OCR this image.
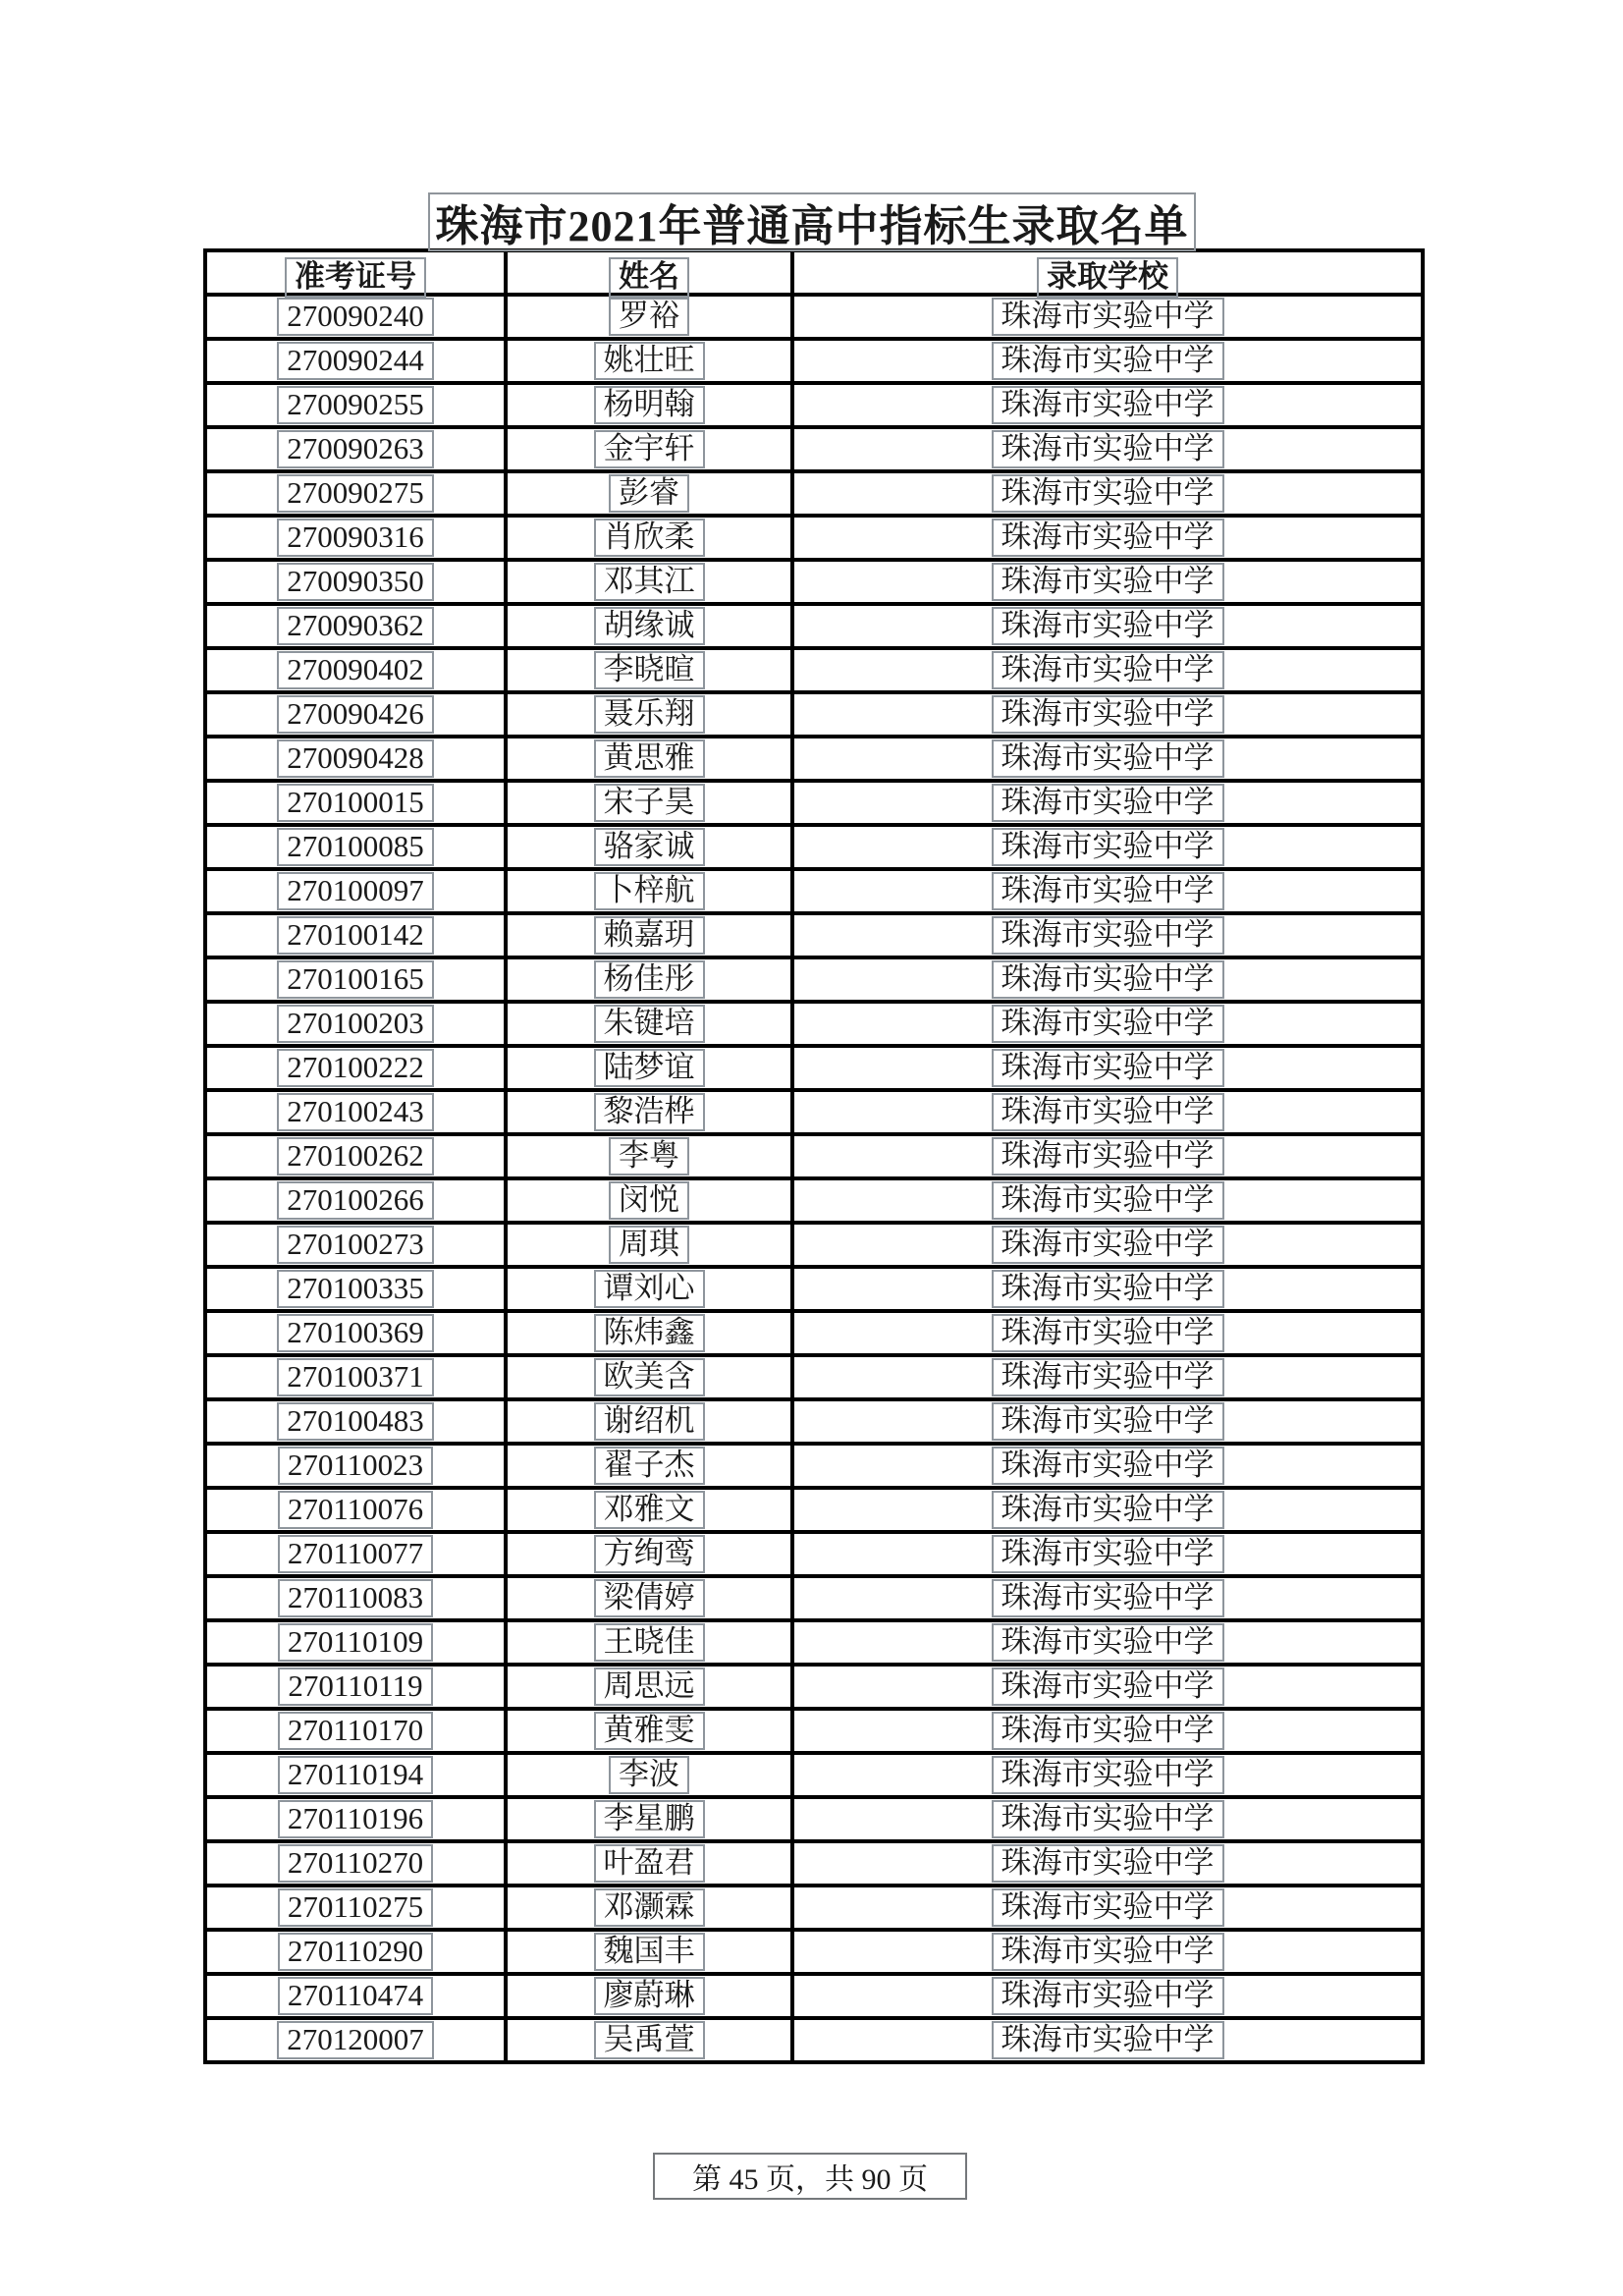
珠海市2021年普通高中指标生录取名单
准考证号	姓名	录取学校
270090240	罗裕	珠海市实验中学
270090244	姚壮旺	珠海市实验中学
270090255	杨明翰	珠海市实验中学
270090263	金宇轩	珠海市实验中学
270090275	彭睿	珠海市实验中学
270090316	肖欣柔	珠海市实验中学
270090350	邓其江	珠海市实验中学
270090362	胡缘诚	珠海市实验中学
270090402	李晓暄	珠海市实验中学
270090426	聂乐翔	珠海市实验中学
270090428	黄思雅	珠海市实验中学
270100015	宋子昊	珠海市实验中学
270100085	骆家诚	珠海市实验中学
270100097	卜梓航	珠海市实验中学
270100142	赖嘉玥	珠海市实验中学
270100165	杨佳彤	珠海市实验中学
270100203	朱键培	珠海市实验中学
270100222	陆梦谊	珠海市实验中学
270100243	黎浩桦	珠海市实验中学
270100262	李粤	珠海市实验中学
270100266	闵悦	珠海市实验中学
270100273	周琪	珠海市实验中学
270100335	谭刘心	珠海市实验中学
270100369	陈炜鑫	珠海市实验中学
270100371	欧美含	珠海市实验中学
270100483	谢绍机	珠海市实验中学
270110023	翟子杰	珠海市实验中学
270110076	邓雅文	珠海市实验中学
270110077	方绚鸾	珠海市实验中学
270110083	梁倩婷	珠海市实验中学
270110109	王晓佳	珠海市实验中学
270110119	周思远	珠海市实验中学
270110170	黄雅雯	珠海市实验中学
270110194	李波	珠海市实验中学
270110196	李星鹏	珠海市实验中学
270110270	叶盈君	珠海市实验中学
270110275	邓灏霖	珠海市实验中学
270110290	魏国丰	珠海市实验中学
270110474	廖蔚琳	珠海市实验中学
270120007	吴禹萱	珠海市实验中学
第 45 页，共 90 页
